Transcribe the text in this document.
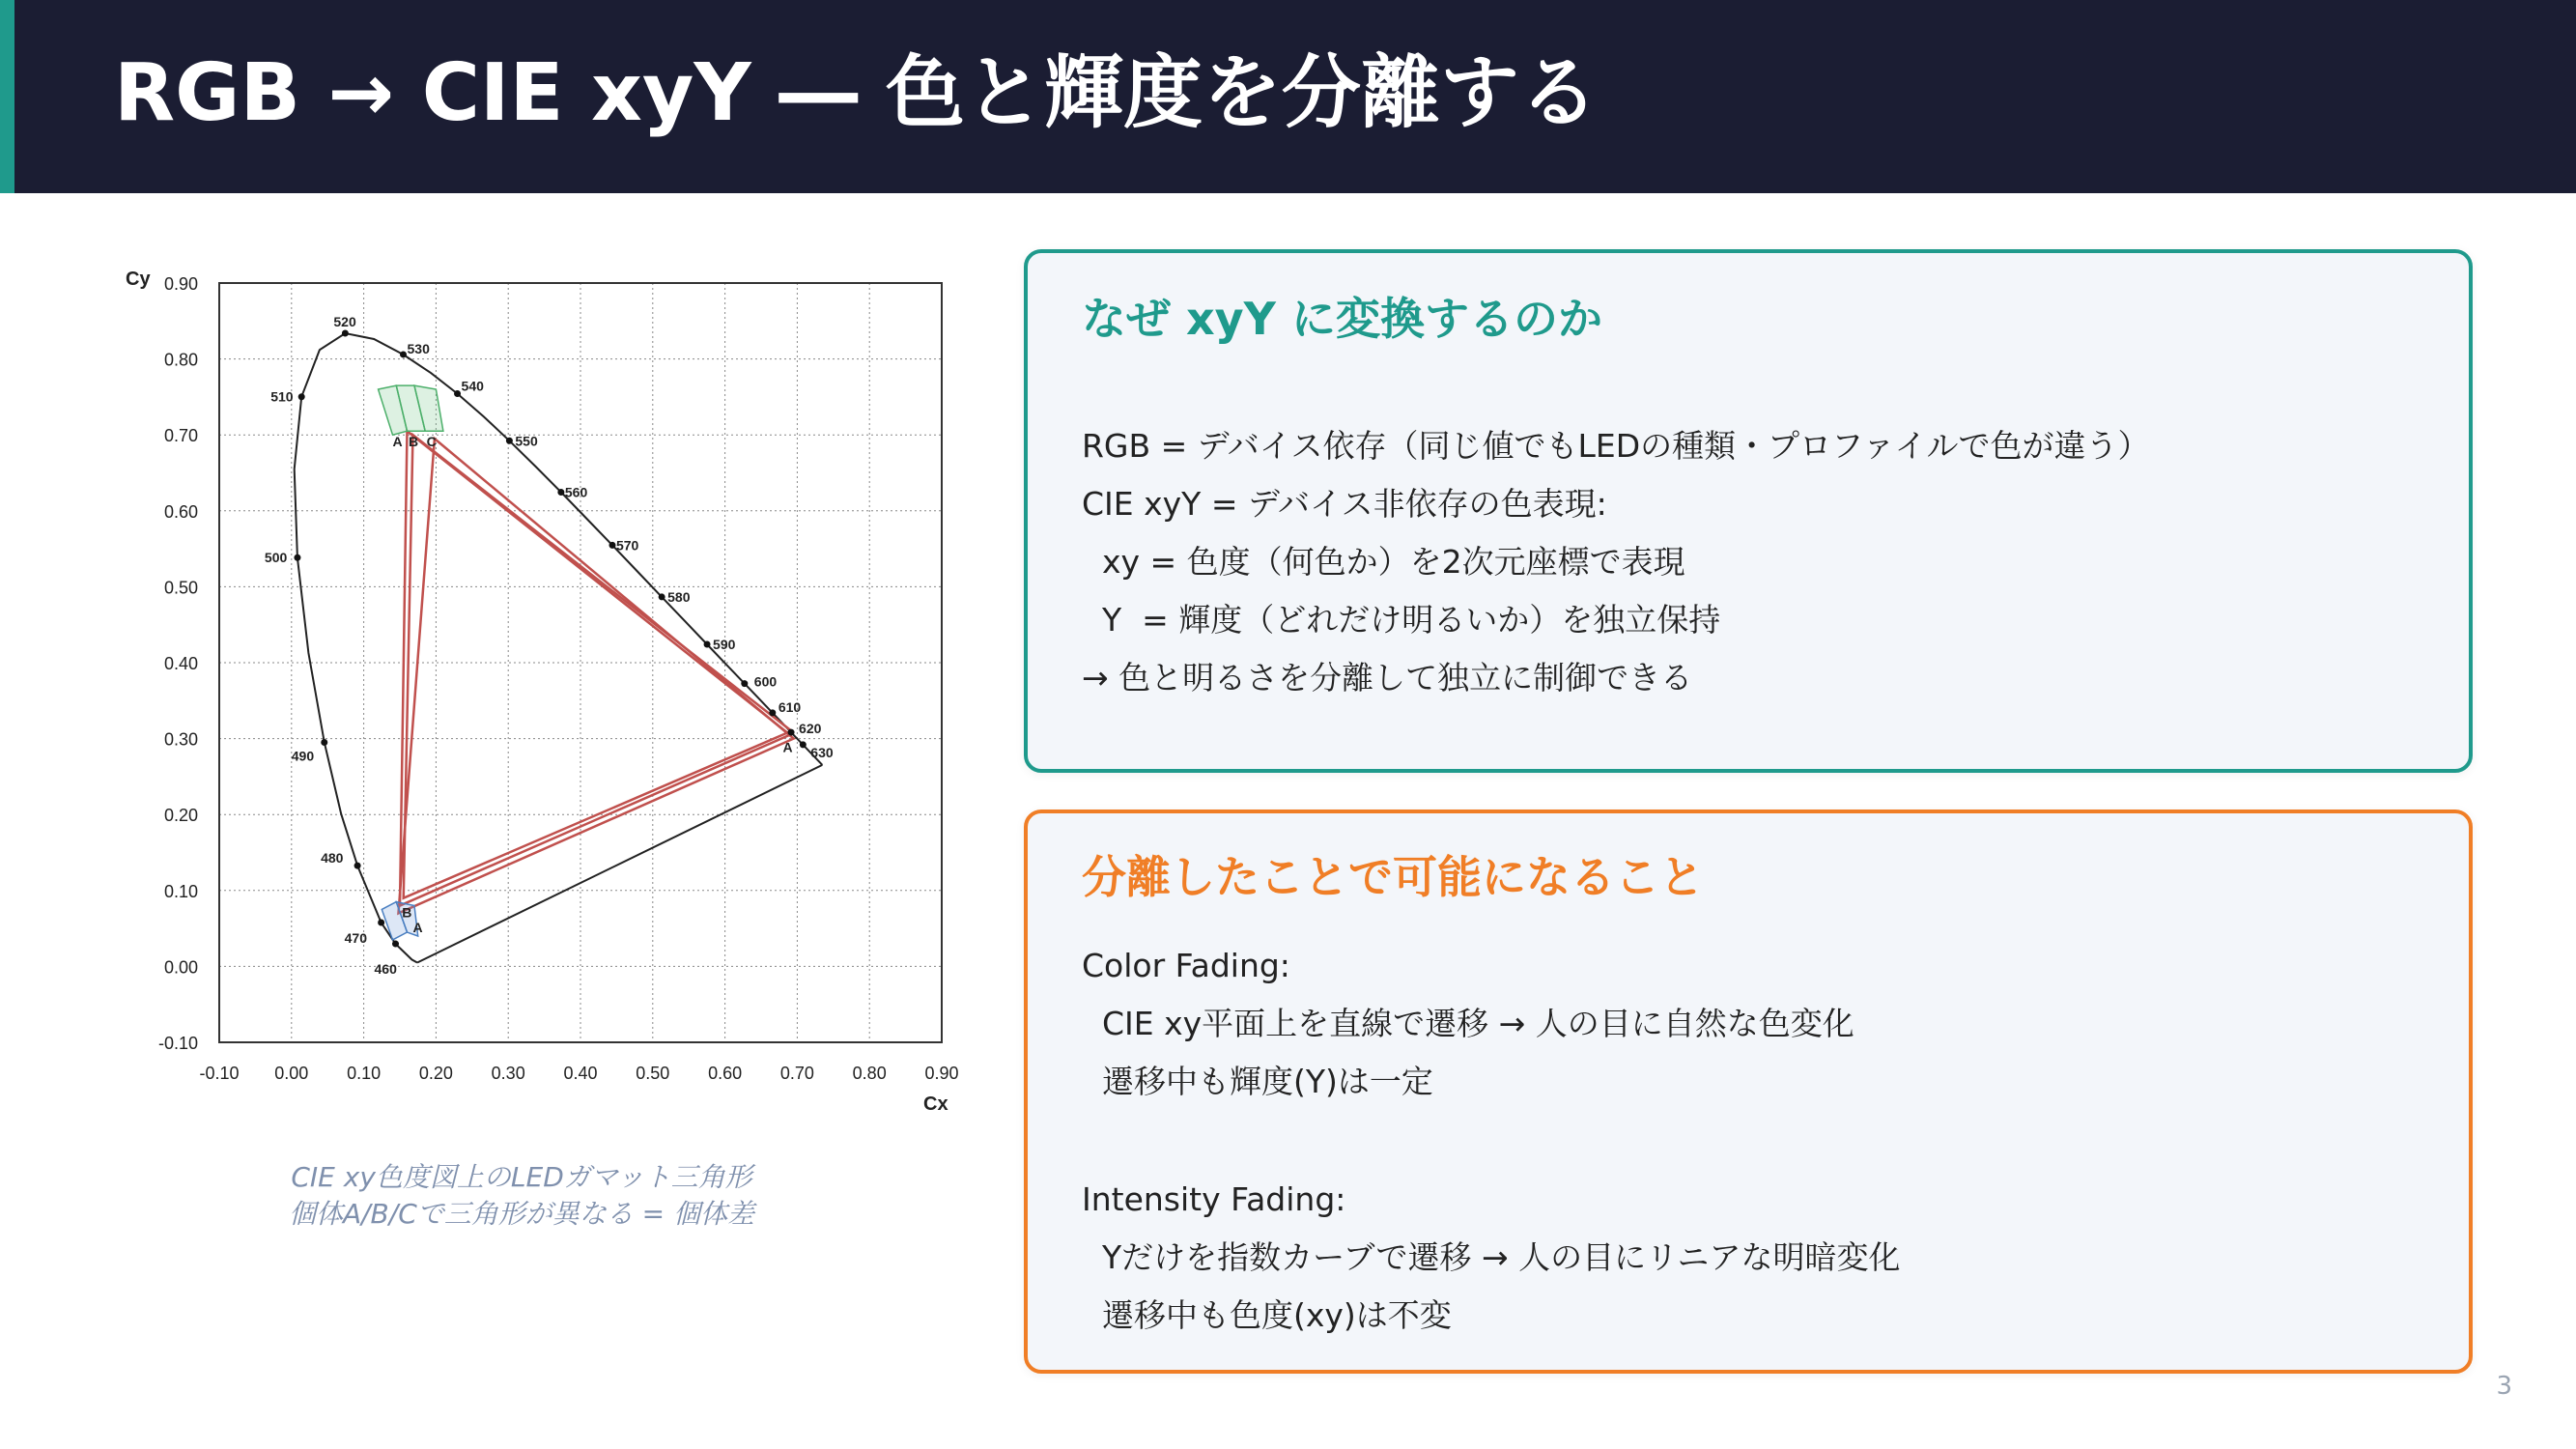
RGB → CIE xyY ― 色と輝度を分離する
Cy
Cx
0.90
0.80
0.70
0.60
0.50
0.40
0.30
0.20
0.10
0.00
-0.10
-0.10 0.00 0.10 0.20 0.30 0.40 0.50 0.60 0.70 0.80 0.90
520
530
540
550
560
570
580
590
600
610
620
630
510
500
490
480
470
460
A B C
A
B
A
CIE xy色度図上のLEDガマット三角形
個体A/B/Cで三角形が異なる = 個体差
なぜ xyY に変換するのか
RGB = デバイス依存（同じ値でもLEDの種類・プロファイルで色が違う）
CIE xyY = デバイス非依存の色表現:
xy = 色度（何色か）を2次元座標で表現
Y  = 輝度（どれだけ明るいか）を独立保持
→ 色と明るさを分離して独立に制御できる
分離したことで可能になること
Color Fading:
CIE xy平面上を直線で遷移 → 人の目に自然な色変化
遷移中も輝度(Y)は一定
Intensity Fading:
Yだけを指数カーブで遷移 → 人の目にリニアな明暗変化
遷移中も色度(xy)は不変
3
